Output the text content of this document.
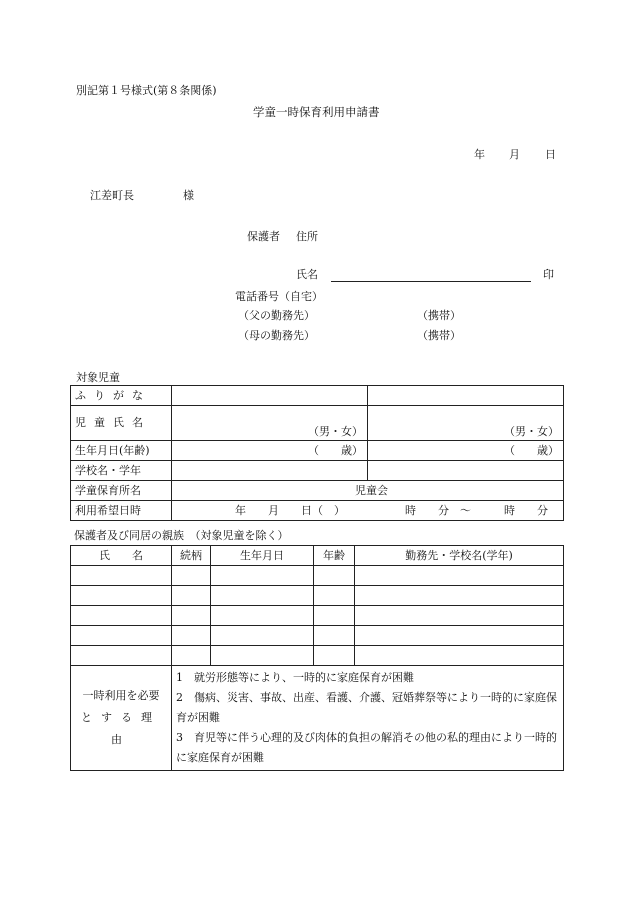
別記第１号様式(第８条関係)
学童一時保育利用申請書
年 月 日
江差町長	様
保護者 住所
氏名	印
電話番号（自宅）
（父の勤務先）	（携帯）
（母の勤務先）	（携帯）
対象児童
ふりがな		
児童氏名	（男・女）	（男・女）
生年月日(年齢)	（　　歳）	（　　歳）
学校名・学年		
学童保育所名	児童会	
利用希望日時	年　　月　　日（　） 時　　分　～　　　時　　分	
保護者及び同居の親族　（対象児童を除く）
氏　　名	続柄	生年月日	年齢	勤務先・学校名(学年)

一時利用を必要
とする理由	1　就労形態等により、一時的に家庭保育が困難
2　傷病、災害、事故、出産、看護、介護、冠婚葬祭等により一時的に家庭保育が困難
3　育児等に伴う心理的及び肉体的負担の解消その他の私的理由により一時的に家庭保育が困難			
